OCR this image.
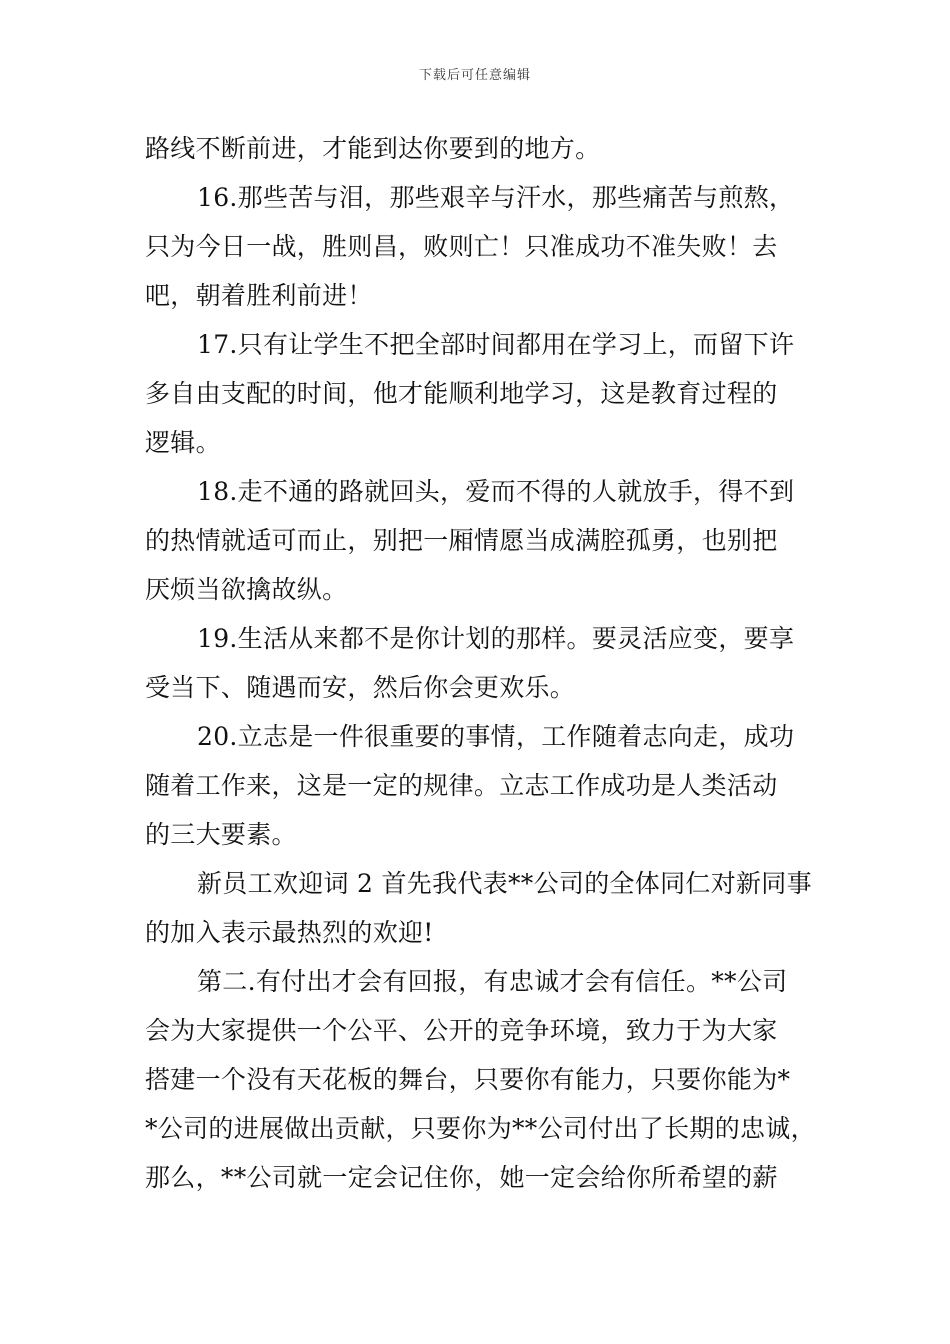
下载后可任意编辑
路线不断前进，才能到达你要到的地方。
16.那些苦与泪，那些艰辛与汗水，那些痛苦与煎熬，
只为今日一战，胜则昌，败则亡！只准成功不准失败！去
吧，朝着胜利前进！
17.只有让学生不把全部时间都用在学习上，而留下许
多自由支配的时间，他才能顺利地学习，这是教育过程的
逻辑。
18.走不通的路就回头，爱而不得的人就放手，得不到
的热情就适可而止，别把一厢情愿当成满腔孤勇，也别把
厌烦当欲擒故纵。
19.生活从来都不是你计划的那样。要灵活应变，要享
受当下、随遇而安，然后你会更欢乐。
20.立志是一件很重要的事情，工作随着志向走，成功
随着工作来，这是一定的规律。立志工作成功是人类活动
的三大要素。
新员工欢迎词 2 首先我代表**公司的全体同仁对新同事
的加入表示最热烈的欢迎!
第二.有付出才会有回报，有忠诚才会有信任。**公司
会为大家提供一个公平、公开的竞争环境，致力于为大家
搭建一个没有天花板的舞台，只要你有能力，只要你能为*
*公司的进展做出贡献，只要你为**公司付出了长期的忠诚，
那么，**公司就一定会记住你，她一定会给你所希望的薪
